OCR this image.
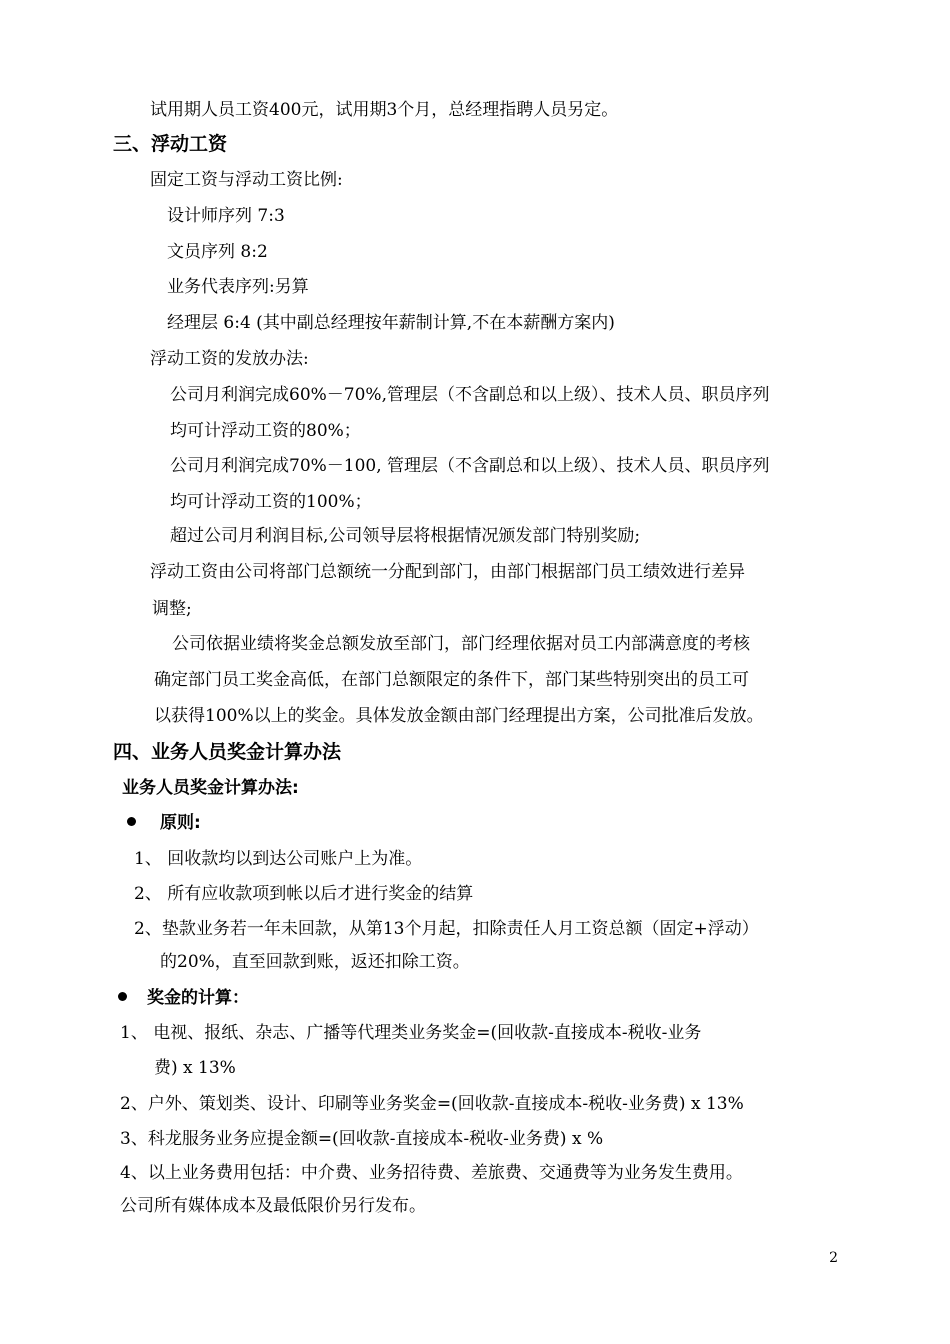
试用期人员工资400元，试用期3个月，总经理指聘人员另定。
三、浮动工资
固定工资与浮动工资比例:
设计师序列 7:3
文员序列 8:2
业务代表序列:另算
经理层 6:4 (其中副总经理按年薪制计算,不在本薪酬方案内)
浮动工资的发放办法:
公司月利润完成60%－70%,管理层（不含副总和以上级）、技术人员、职员序列
均可计浮动工资的80%；
公司月利润完成70%－100, 管理层（不含副总和以上级）、技术人员、职员序列
均可计浮动工资的100%；
超过公司月利润目标,公司领导层将根据情况颁发部门特别奖励;
浮动工资由公司将部门总额统一分配到部门，由部门根据部门员工绩效进行差异
调整;
公司依据业绩将奖金总额发放至部门，部门经理依据对员工内部满意度的考核
确定部门员工奖金高低，在部门总额限定的条件下，部门某些特别突出的员工可
以获得100%以上的奖金。具体发放金额由部门经理提出方案，公司批准后发放。
四、业务人员奖金计算办法
业务人员奖金计算办法:
原则:
1、 回收款均以到达公司账户上为准。
2、 所有应收款项到帐以后才进行奖金的结算
2、垫款业务若一年未回款，从第13个月起，扣除责任人月工资总额（固定+浮动）
的20%，直至回款到账，返还扣除工资。
奖金的计算：
1、 电视、报纸、杂志、广播等代理类业务奖金=(回收款-直接成本-税收-业务
费) x 13%
2、户外、策划类、设计、印刷等业务奖金=(回收款-直接成本-税收-业务费) x 13%
3、科龙服务业务应提金额=(回收款-直接成本-税收-业务费) x %
4、以上业务费用包括：中介费、业务招待费、差旅费、交通费等为业务发生费用。
公司所有媒体成本及最低限价另行发布。
2
